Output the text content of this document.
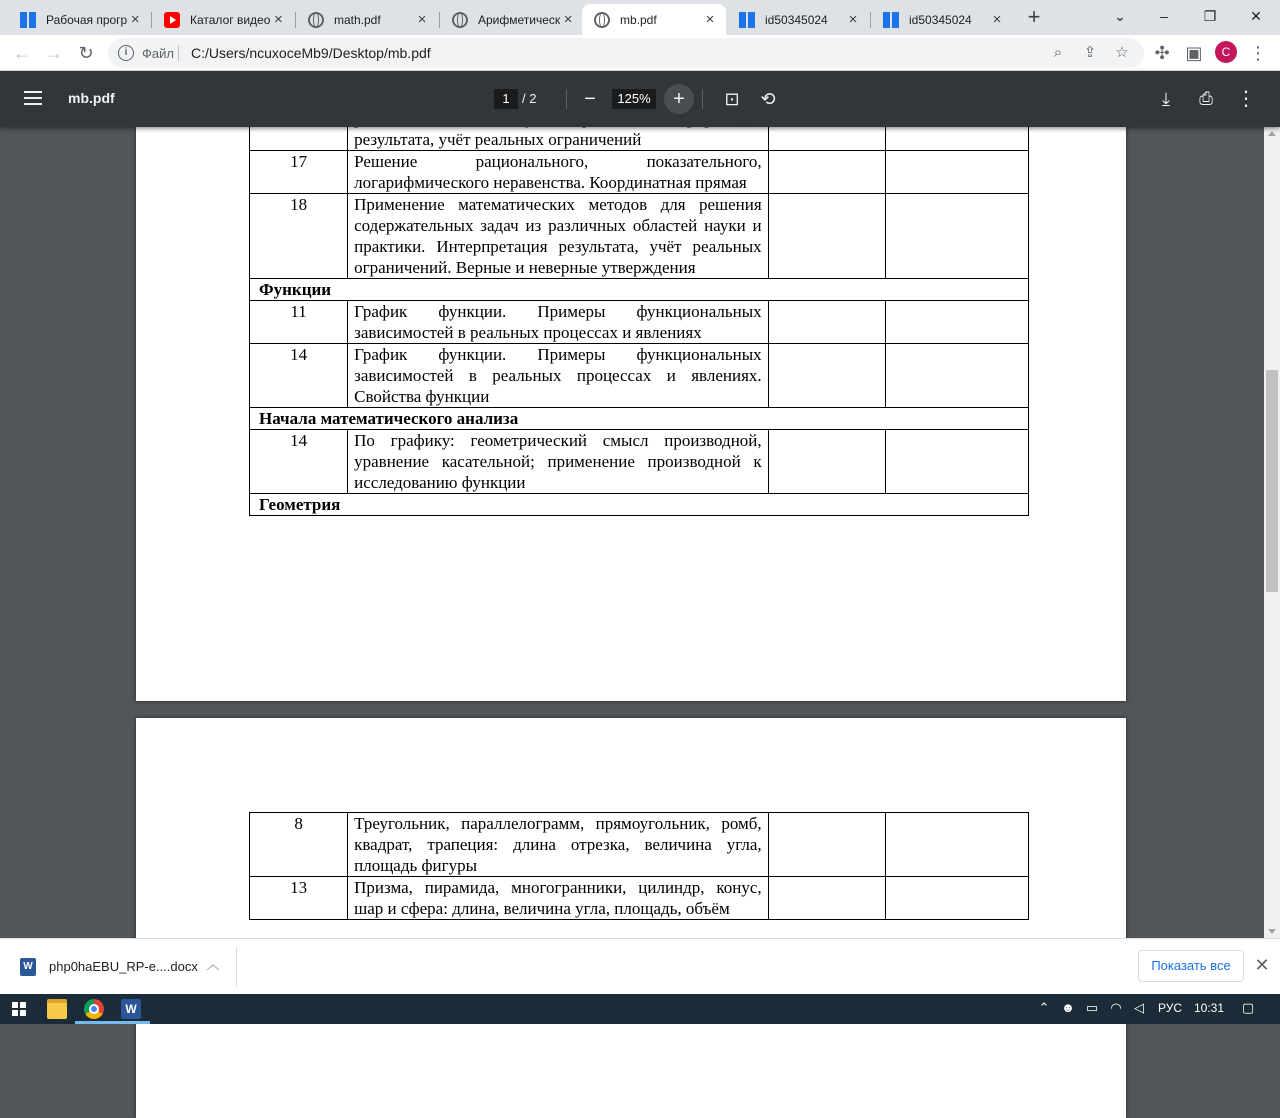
Рабочая прогр ×	Каталог видео ×	math.pdf	×	Арифметическ ×	mb.pdf	×	id50345024	×	id50345024	× +	⌄	–	❐	✕
← → ↻	i	Файл C:/Users/ncuxoceMb9/Desktop/mb.pdf	⌕	⇪ ☆ ✣ ▣	C	⋮
mb.pdf	1 / 2	−	125%	+	⊡ ⟲	⤓	⎙ ⋮
	результата, учёт реальных ограничений		
17	Решение рационального, показательного, логарифмического неравенства. Координатная прямая		
18	Применение математических методов для решения содержательных задач из различных областей науки и практики. Интерпретация результата, учёт реальных ограничений. Верные и неверные утверждения		
Функции			
11	График функции. Примеры функциональных зависимостей в реальных процессах и явлениях		
14	График функции. Примеры функциональных зависимостей в реальных процессах и явлениях. Свойства функции		
Начала математического анализа			
14	По графику: геометрический смысл производной, уравнение касательной; применение производной к исследованию функции		
Геометрия			
8	Треугольник, параллелограмм, прямоугольник, ромб, квадрат, трапеция: длина отрезка, величина угла, площадь фигуры		
13	Призма, пирамида, многогранники, цилиндр, конус, шар и сфера: длина, величина угла, площадь, объём		
W php0haEBU_RP-e....docx ︿	Показать все	✕
W	⌃ ☻ ▭ ◠ ◁ РУС 10:31 ▢
